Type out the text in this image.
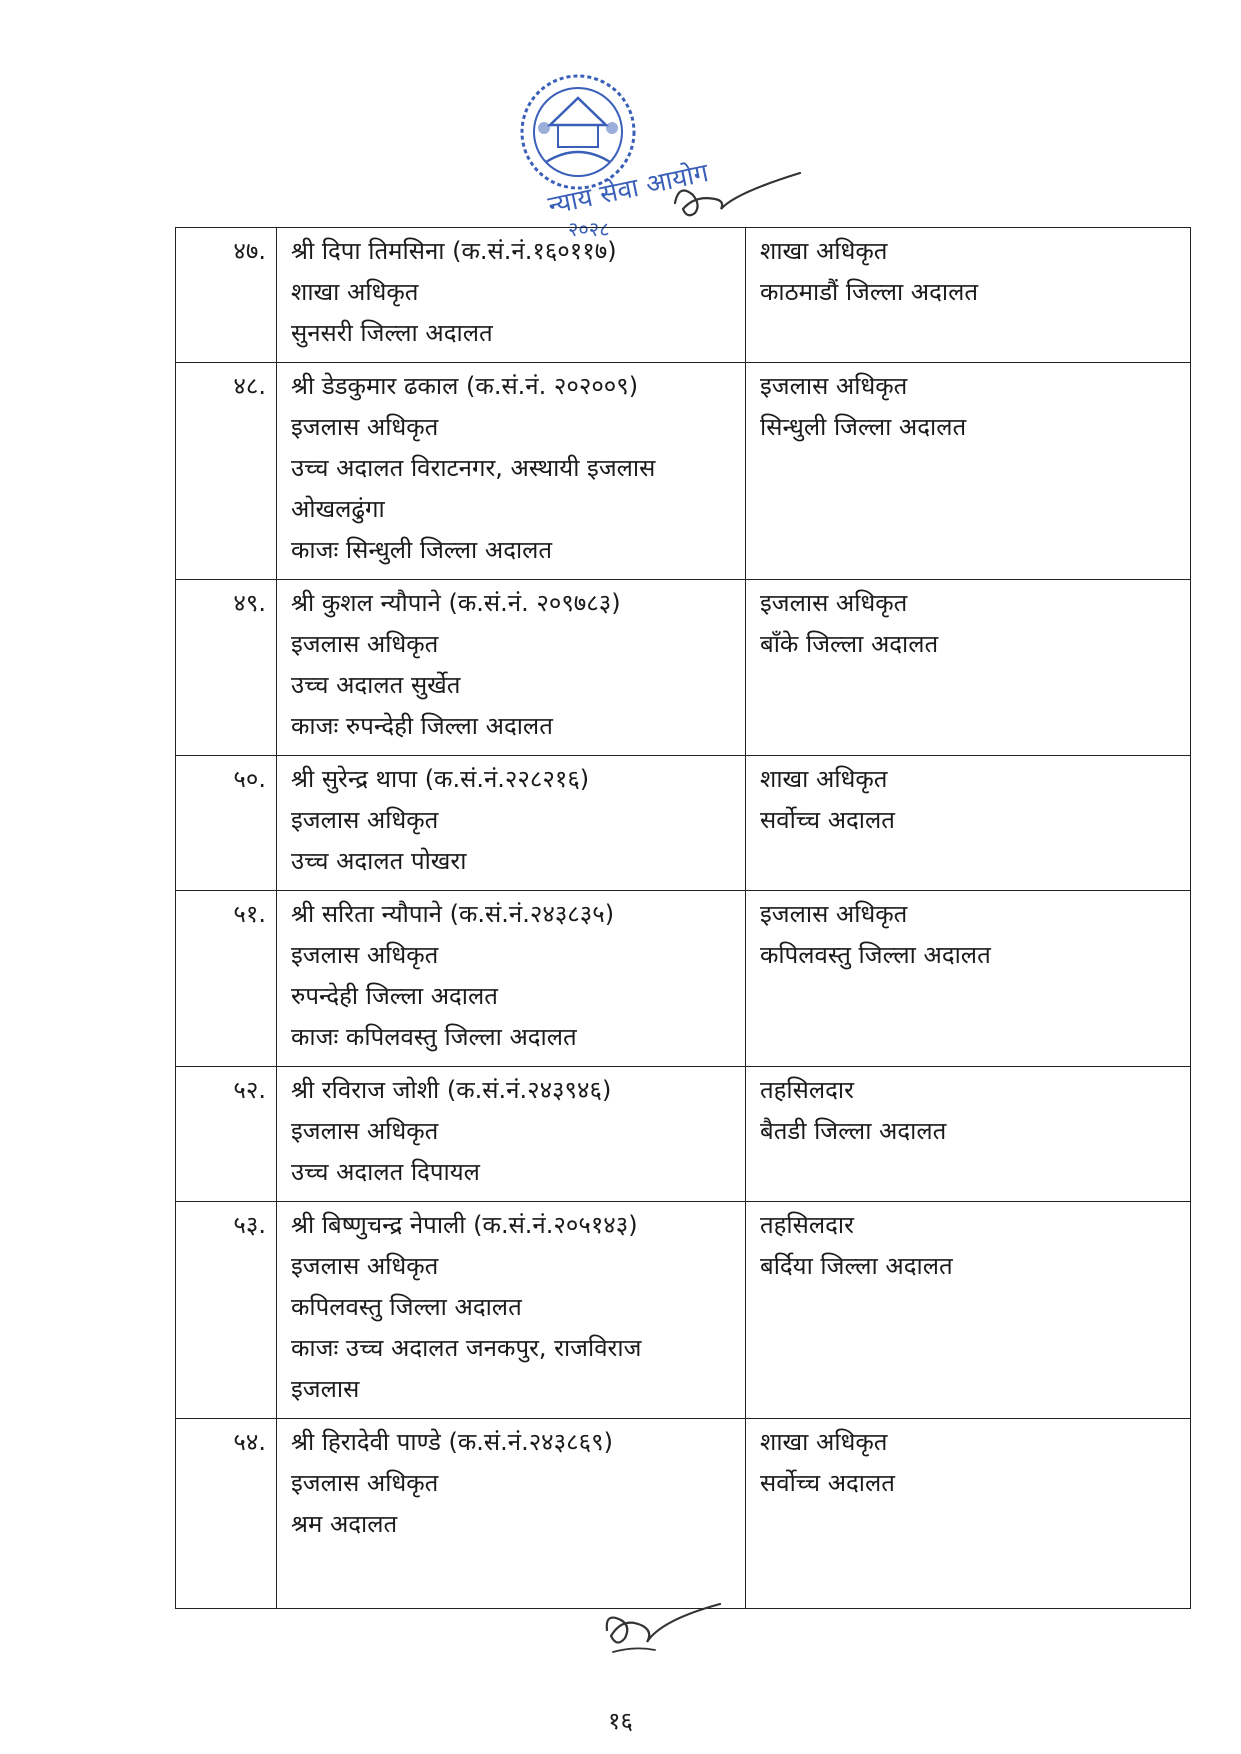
न्याय सेवा आयोग
२०२८
४७.	श्री दिपा तिमसिना (क.सं.नं.१६०११७)
शाखा अधिकृत
सुनसरी जिल्ला अदालत	शाखा अधिकृत
काठमाडौं जिल्ला अदालत

४८.	श्री डेडकुमार ढकाल (क.सं.नं. २०२००९)
इजलास अधिकृत
उच्च अदालत विराटनगर, अस्थायी इजलास
ओखलढुंगा
काजः सिन्धुली जिल्ला अदालत	इजलास अधिकृत
सिन्धुली जिल्ला अदालत

४९.	श्री कुशल न्यौपाने (क.सं.नं. २०९७८३)
इजलास अधिकृत
उच्च अदालत सुर्खेत
काजः रुपन्देही जिल्ला अदालत	इजलास अधिकृत
बाँके जिल्ला अदालत

५०.	श्री सुरेन्द्र थापा (क.सं.नं.२२८२१६)
इजलास अधिकृत
उच्च अदालत पोखरा	शाखा अधिकृत
सर्वोच्च अदालत

५१.	श्री सरिता न्यौपाने (क.सं.नं.२४३८३५)
इजलास अधिकृत
रुपन्देही जिल्ला अदालत
काजः कपिलवस्तु जिल्ला अदालत	इजलास अधिकृत
कपिलवस्तु जिल्ला अदालत

५२.	श्री रविराज जोशी (क.सं.नं.२४३९४६)
इजलास अधिकृत
उच्च अदालत दिपायल	तहसिलदार
बैतडी जिल्ला अदालत

५३.	श्री बिष्णुचन्द्र नेपाली (क.सं.नं.२०५१४३)
इजलास अधिकृत
कपिलवस्तु जिल्ला अदालत
काजः उच्च अदालत जनकपुर, राजविराज
इजलास	तहसिलदार
बर्दिया जिल्ला अदालत

५४.	श्री हिरादेवी पाण्डे (क.सं.नं.२४३८६९)
इजलास अधिकृत
श्रम अदालत	शाखा अधिकृत
सर्वोच्च अदालत
१६
